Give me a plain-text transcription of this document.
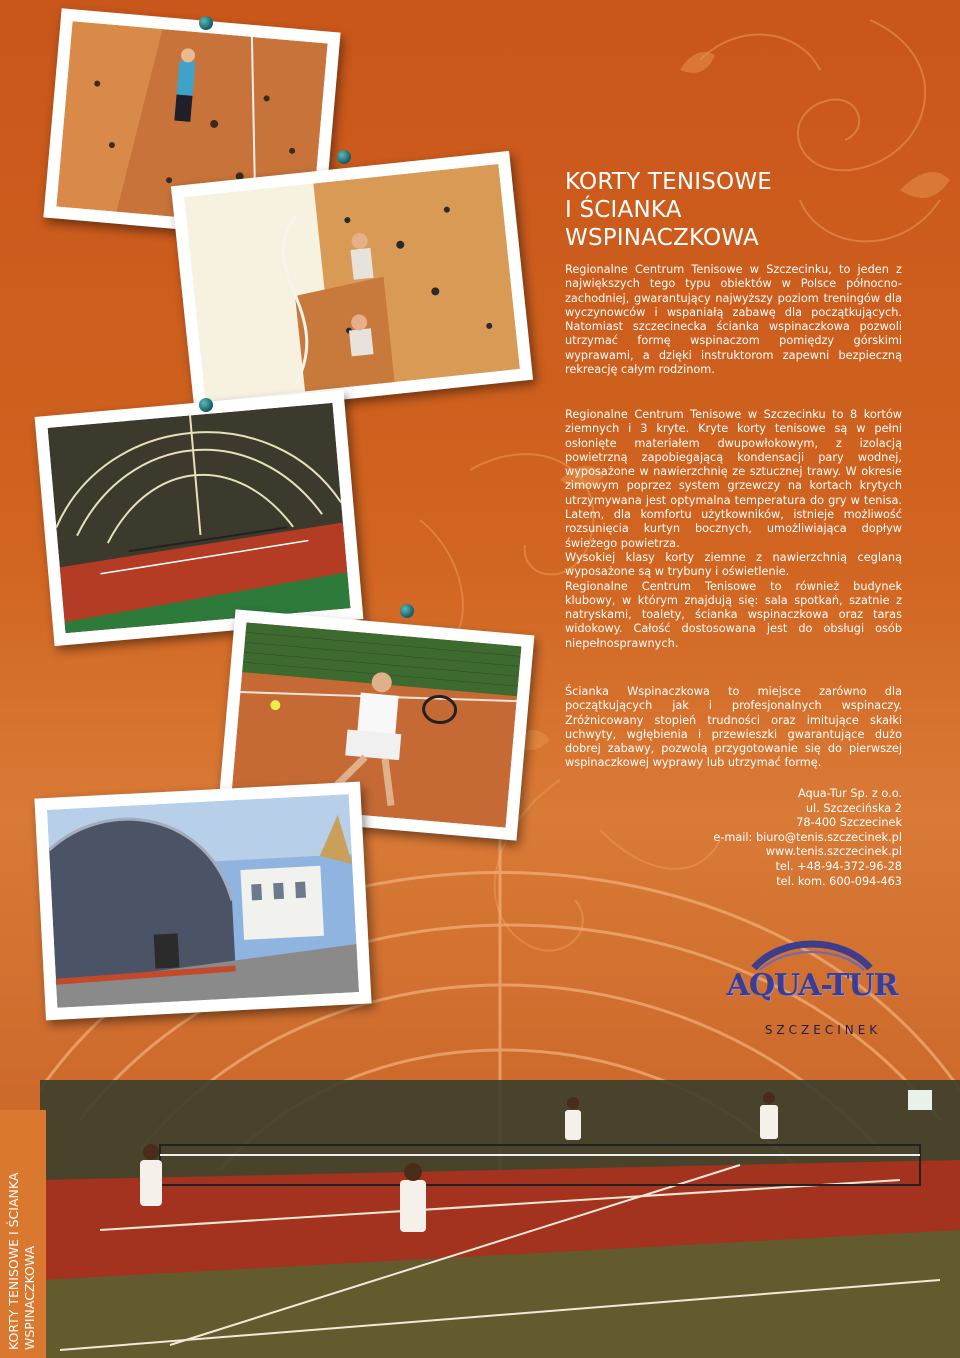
KORTY TENISOWE
I ŚCIANKA
WSPINACZKOWA

Regionalne Centrum Tenisowe w Szczecinku, to jeden z największych tego typu obiektów w Polsce północno-zachodniej, gwarantujący najwyższy poziom treningów dla wyczynowców i wspaniałą zabawę dla początkujących. Natomiast szczecinecka ścianka wspinaczkowa pozwoli utrzymać formę wspinaczom pomiędzy górskimi wyprawami, a dzięki instruktorom zapewni bezpieczną rekreację całym rodzinom.

Regionalne Centrum Tenisowe w Szczecinku to 8 kortów ziemnych i 3 kryte. Kryte korty tenisowe są w pełni osłonięte materiałem dwupowłokowym, z izolacją powietrzną zapobiegającą kondensacji pary wodnej, wyposażone w nawierzchnię ze sztucznej trawy. W okresie zimowym poprzez system grzewczy na kortach krytych utrzymywana jest optymalna temperatura do gry w tenisa. Latem, dla komfortu użytkowników, istnieje możliwość rozsunięcia kurtyn bocznych, umożliwiająca dopływ świeżego powietrza.

Wysokiej klasy korty ziemne z nawierzchnią ceglaną wyposażone są w trybuny i oświetlenie.

Regionalne Centrum Tenisowe to również budynek klubowy, w którym znajdują się: sala spotkań, szatnie z natryskami, toalety, ścianka wspinaczkowa oraz taras widokowy. Całość dostosowana jest do obsługi osób niepełnosprawnych.

Ścianka Wspinaczkowa to miejsce zarówno dla początkujących jak i profesjonalnych wspinaczy. Zróżnicowany stopień trudności oraz imitujące skałki uchwyty, wgłębienia i przewieszki gwarantujące dużo dobrej zabawy, pozwolą przygotowanie się do pierwszej wspinaczkowej wyprawy lub utrzymać formę.

Aqua-Tur Sp. z o.o.
ul. Szczecińska 2
78-400 Szczecinek
e-mail: biuro@tenis.szczecinek.pl
www.tenis.szczecinek.pl
tel. +48-94-372-96-28
tel. kom. 600-094-463
AQUA-TUR
SZCZECINEK
KORTY TENISOWE I ŚCIANKA WSPINACZKOWA
